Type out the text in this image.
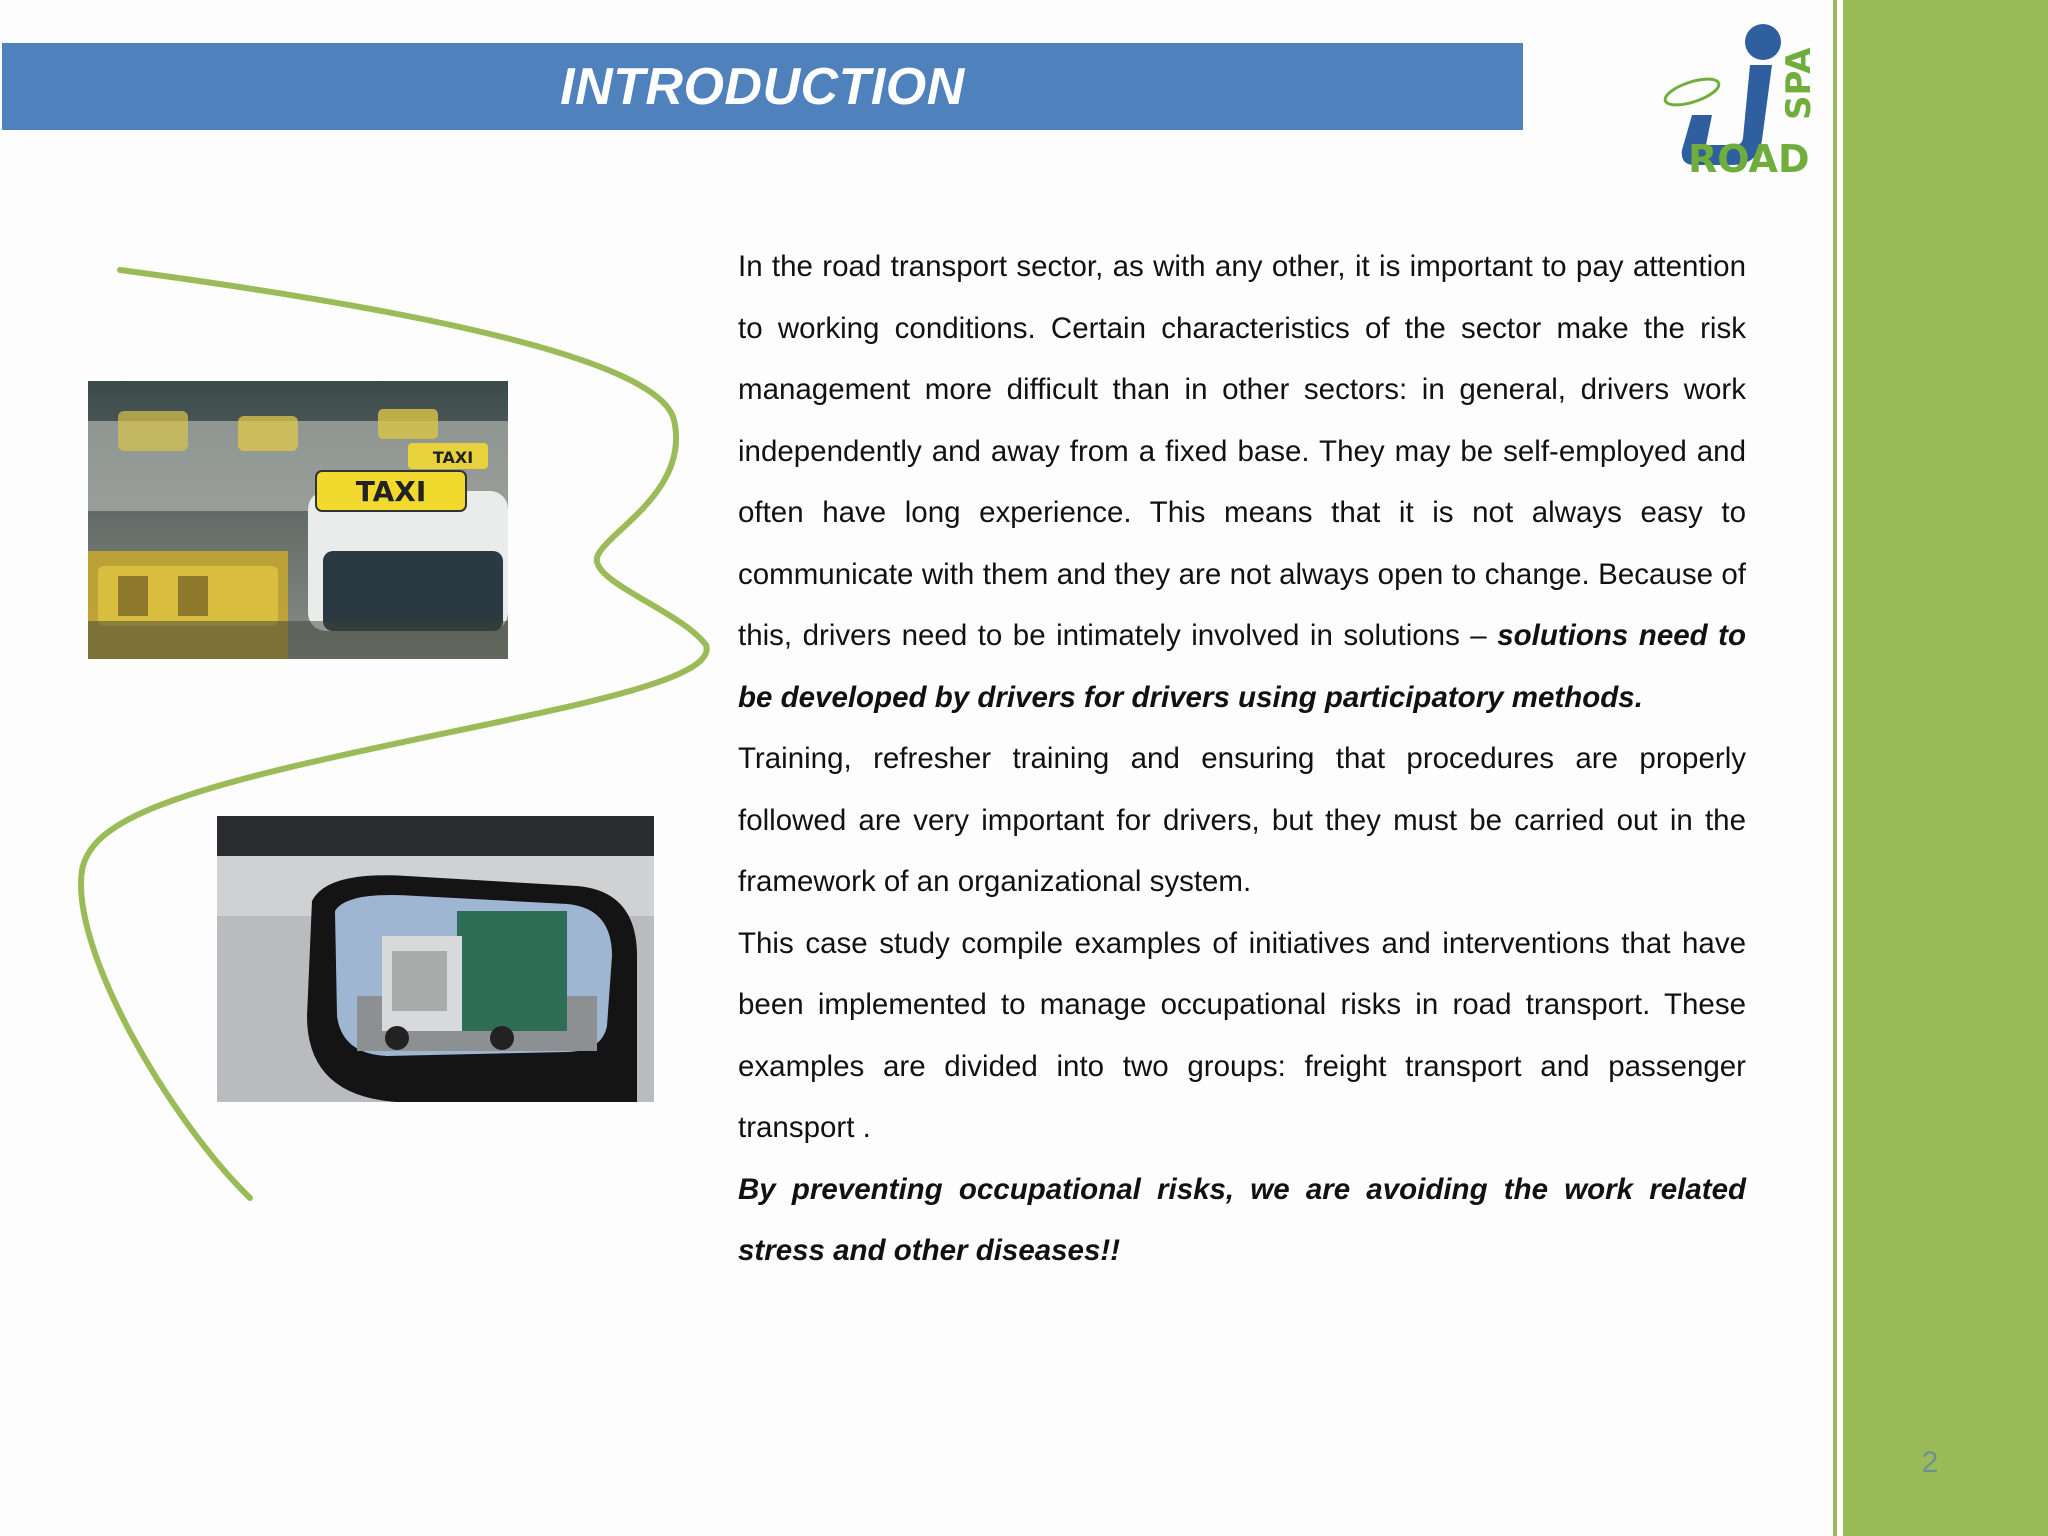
INTRODUCTION	SPA
ROAD
TAXI
TAXI

In the road transport sector, as with any other, it is important to pay attention to working conditions. Certain characteristics of the sector make the risk management more difficult than in other sectors: in general, drivers work independently and away from a fixed base. They may be self-employed and often have long experience. This means that it is not always easy to communicate with them and they are not always open to change. Because of this, drivers need to be intimately involved in solutions – solutions need to be developed by drivers for drivers using participatory methods.

Training, refresher training and ensuring that procedures are properly followed are very important for drivers, but they must be carried out in the framework of an organizational system.

This case study compile examples of initiatives and interventions that have been implemented to manage occupational risks in road transport. These examples are divided into two groups: freight transport and passenger transport .

By preventing occupational risks, we are avoiding the work related stress and other diseases!!

2
